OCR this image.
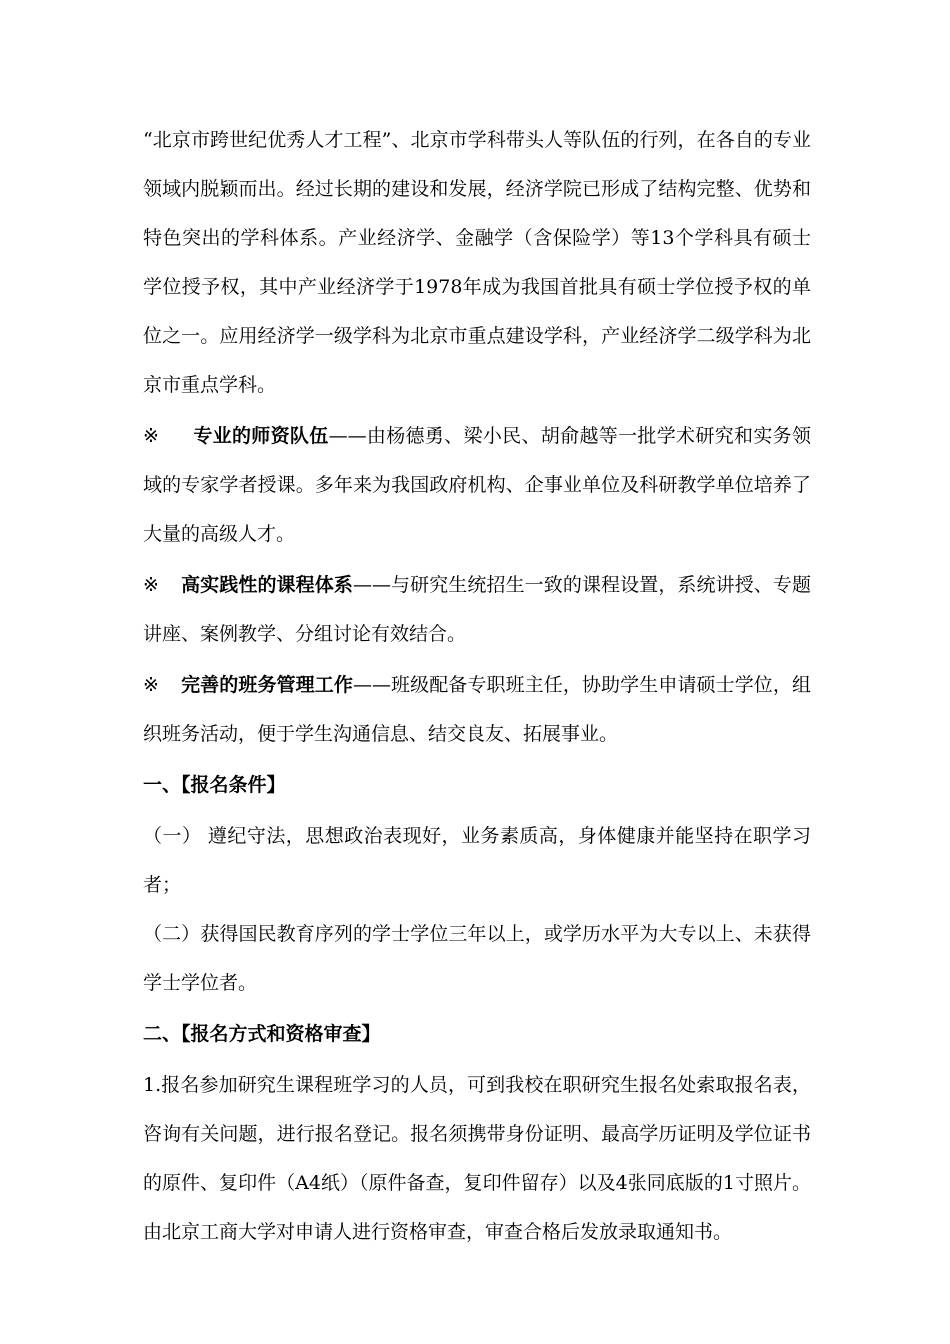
“北京市跨世纪优秀人才工程”、北京市学科带头人等队伍的行列，在各自的专业领域内脱颖而出。经过长期的建设和发展，经济学院已形成了结构完整、优势和特色突出的学科体系。产业经济学、金融学（含保险学）等13个学科具有硕士学位授予权，其中产业经济学于1978年成为我国首批具有硕士学位授予权的单位之一。应用经济学一级学科为北京市重点建设学科，产业经济学二级学科为北京市重点学科。

※ 专业的师资队伍——由杨德勇、梁小民、胡俞越等一批学术研究和实务领域的专家学者授课。多年来为我国政府机构、企事业单位及科研教学单位培养了大量的高级人才。

※ 高实践性的课程体系——与研究生统招生一致的课程设置，系统讲授、专题讲座、案例教学、分组讨论有效结合。

※ 完善的班务管理工作——班级配备专职班主任，协助学生申请硕士学位，组织班务活动，便于学生沟通信息、结交良友、拓展事业。

一、【报名条件】

（一） 遵纪守法，思想政治表现好，业务素质高，身体健康并能坚持在职学习者；

（二）获得国民教育序列的学士学位三年以上，或学历水平为大专以上、未获得学士学位者。

二、【报名方式和资格审查】

1.报名参加研究生课程班学习的人员，可到我校在职研究生报名处索取报名表，咨询有关问题，进行报名登记。报名须携带身份证明、最高学历证明及学位证书的原件、复印件（A4纸）（原件备查，复印件留存）以及4张同底版的1寸照片。由北京工商大学对申请人进行资格审查，审查合格后发放录取通知书。
